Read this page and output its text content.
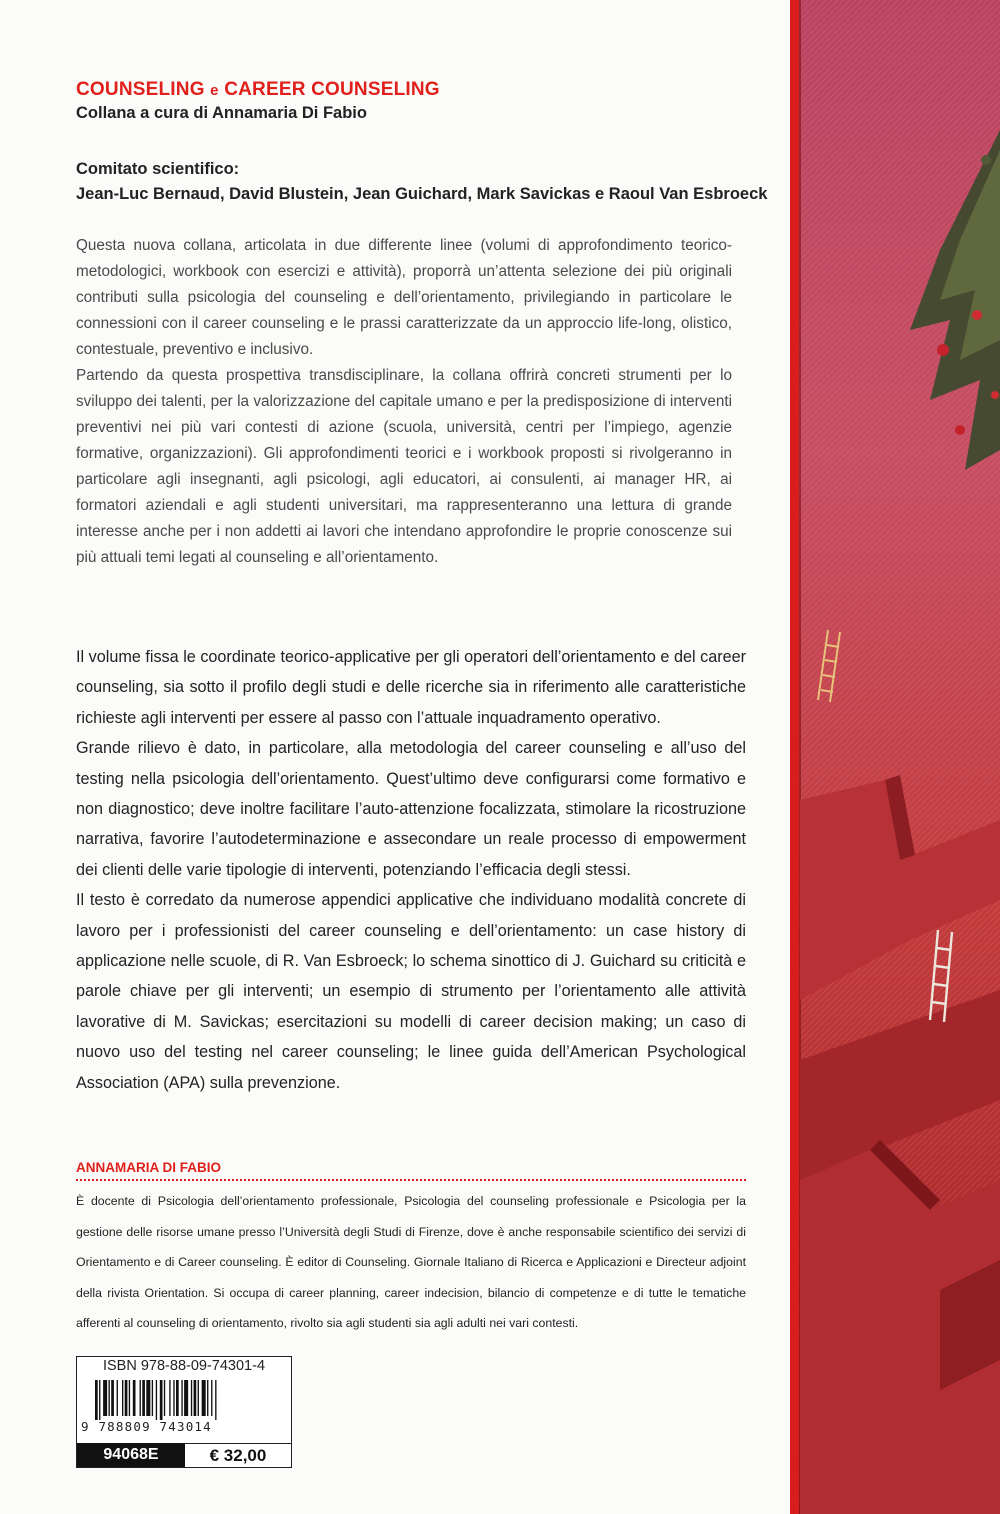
COUNSELING e CAREER COUNSELING
Collana a cura di Annamaria Di Fabio
Comitato scientifico:
Jean-Luc Bernaud, David Blustein, Jean Guichard, Mark Savickas e Raoul Van Esbroeck

Questa nuova collana, articolata in due differente linee (volumi di approfondimento teorico-metodologici, workbook con esercizi e attività), proporrà un’attenta selezione dei più originali contributi sulla psicologia del counseling e dell’orientamento, privilegiando in particolare le connessioni con il career counseling e le prassi caratterizzate da un approccio life-long, olistico, contestuale, preventivo e inclusivo.

Partendo da questa prospettiva transdisciplinare, la collana offrirà concreti strumenti per lo sviluppo dei talenti, per la valorizzazione del capitale umano e per la predisposizione di interventi preventivi nei più vari contesti di azione (scuola, università, centri per l’impiego, agenzie formative, organizzazioni). Gli approfondimenti teorici e i workbook proposti si rivolgeranno in particolare agli insegnanti, agli psicologi, agli educatori, ai consulenti, ai manager HR, ai formatori aziendali e agli studenti universitari, ma rappresenteranno una lettura di grande interesse anche per i non addetti ai lavori che intendano approfondire le proprie conoscenze sui più attuali temi legati al counseling e all’orientamento.

Il volume fissa le coordinate teorico-applicative per gli operatori dell’orientamento e del career counseling, sia sotto il profilo degli studi e delle ricerche sia in riferimento alle caratteristiche richieste agli interventi per essere al passo con l’attuale inquadramento operativo.

Grande rilievo è dato, in particolare, alla metodologia del career counseling e all’uso del testing nella psicologia dell’orientamento. Quest’ultimo deve configurarsi come formativo e non diagnostico; deve inoltre facilitare l’auto-attenzione focalizzata, stimolare la ricostruzione narrativa, favorire l’autodeterminazione e assecondare un reale processo di empowerment dei clienti delle varie tipologie di interventi, potenziando l’efficacia degli stessi.

Il testo è corredato da numerose appendici applicative che individuano modalità concrete di lavoro per i professionisti del career counseling e dell’orientamento: un case history di applicazione nelle scuole, di R. Van Esbroeck; lo schema sinottico di J. Guichard su criticità e parole chiave per gli interventi; un esempio di strumento per l’orientamento alle attività lavorative di M. Savickas; esercitazioni su modelli di career decision making; un caso di nuovo uso del testing nel career counseling; le linee guida dell’American Psychological Association (APA) sulla prevenzione.

ANNAMARIA DI FABIO

È docente di Psicologia dell’orientamento professionale, Psicologia del counseling professionale e Psicologia per la gestione delle risorse umane presso l’Università degli Studi di Firenze, dove è anche responsabile scientifico dei servizi di Orientamento e di Career counseling. È editor di Counseling. Giornale Italiano di Ricerca e Applicazioni e Directeur adjoint della rivista Orientation. Si occupa di career planning, career indecision, bilancio di competenze e di tutte le tematiche afferenti al counseling di orientamento, rivolto sia agli studenti sia agli adulti nei vari contesti.

ISBN 978-88-09-74301-4
9 788809 743014
94068E	€ 32,00
